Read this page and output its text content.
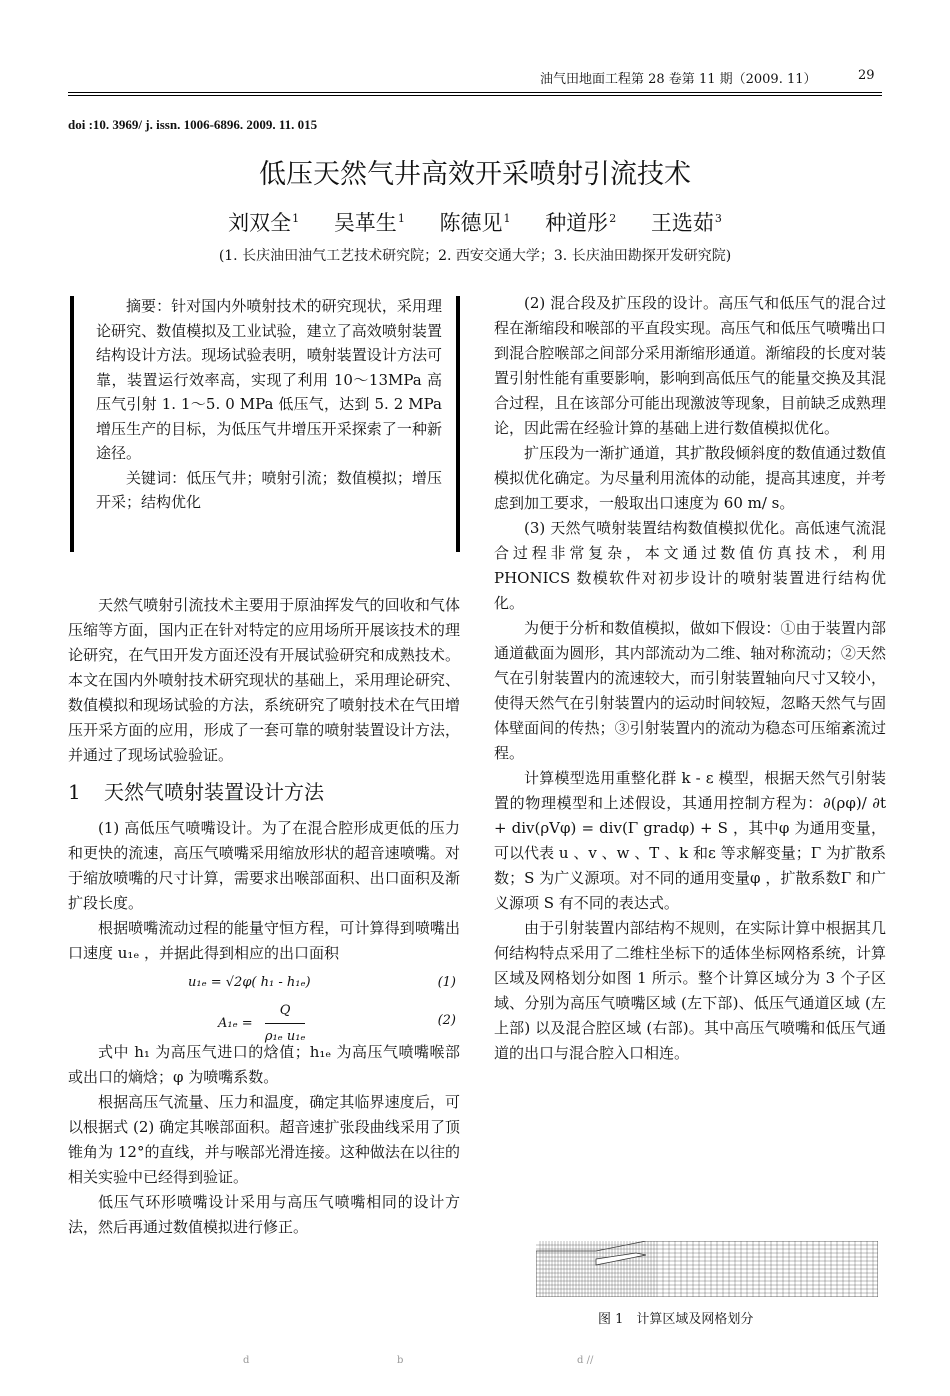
油气田地面工程第 28 卷第 11 期（2009. 11）	29
doi :10. 3969/ j. issn. 1006-6896. 2009. 11. 015
低压天然气井高效开采喷射引流技术
刘双全$^1$ 吴革生$^1$ 陈德见$^1$ 种道彤$^2$ 王选茹$^3$
(1. 长庆油田油气工艺技术研究院；2. 西安交通大学；3. 长庆油田勘探开发研究院)

摘要：针对国内外喷射技术的研究现状，采用理论研究、数值模拟及工业试验，建立了高效喷射装置结构设计方法。现场试验表明，喷射装置设计方法可靠，装置运行效率高，实现了利用 10～13MPa 高压气引射 1. 1～5. 0 MPa 低压气，达到 5. 2 MPa 增压生产的目标，为低压气井增压开采探索了一种新途径。

关键词：低压气井；喷射引流；数值模拟；增压开采；结构优化

天然气喷射引流技术主要用于原油挥发气的回收和气体压缩等方面，国内正在针对特定的应用场所开展该技术的理论研究，在气田开发方面还没有开展试验研究和成熟技术。本文在国内外喷射技术研究现状的基础上，采用理论研究、数值模拟和现场试验的方法，系统研究了喷射技术在气田增压开采方面的应用，形成了一套可靠的喷射装置设计方法，并通过了现场试验验证。

1 天然气喷射装置设计方法

(1) 高低压气喷嘴设计。为了在混合腔形成更低的压力和更快的流速，高压气喷嘴采用缩放形状的超音速喷嘴。对于缩放喷嘴的尺寸计算，需要求出喉部面积、出口面积及渐扩段长度。

根据喷嘴流动过程的能量守恒方程，可计算得到喷嘴出口速度 u₁ₑ ，并据此得到相应的出口面积

u₁ₑ = √2φ( h₁ - h₁ₑ)	(1)
$A_{1e} = \frac{Q}{\text{ρ₁ₑ u₁ₑ}}$	(2)

式中 h₁ 为高压气进口的焓值；h₁ₑ 为高压气喷嘴喉部或出口的熵焓；φ 为喷嘴系数。

根据高压气流量、压力和温度，确定其临界速度后，可以根据式 (2) 确定其喉部面积。超音速扩张段曲线采用了顶锥角为 12°的直线，并与喉部光滑连接。这种做法在以往的相关实验中已经得到验证。

低压气环形喷嘴设计采用与高压气喷嘴相同的设计方法，然后再通过数值模拟进行修正。

(2) 混合段及扩压段的设计。高压气和低压气的混合过程在渐缩段和喉部的平直段实现。高压气和低压气喷嘴出口到混合腔喉部之间部分采用渐缩形通道。渐缩段的长度对装置引射性能有重要影响，影响到高低压气的能量交换及其混合过程，且在该部分可能出现激波等现象，目前缺乏成熟理论，因此需在经验计算的基础上进行数值模拟优化。

扩压段为一渐扩通道，其扩散段倾斜度的数值通过数值模拟优化确定。为尽量利用流体的动能，提高其速度，并考虑到加工要求，一般取出口速度为 60 m/ s。

(3) 天然气喷射装置结构数值模拟优化。高低速气流混合过程非常复杂，本文通过数值仿真技术，利用 PHONICS 数模软件对初步设计的喷射装置进行结构优化。

为便于分析和数值模拟，做如下假设：①由于装置内部通道截面为圆形，其内部流动为二维、轴对称流动；②天然气在引射装置内的流速较大，而引射装置轴向尺寸又较小，使得天然气在引射装置内的运动时间较短，忽略天然气与固体壁面间的传热；③引射装置内的流动为稳态可压缩紊流过程。

计算模型选用重整化群 k - ε 模型，根据天然气引射装置的物理模型和上述假设，其通用控制方程为：∂(ρφ)/ ∂t + div(ρVφ) = div(Γ gradφ) + S ，其中φ 为通用变量，可以代表 u 、v 、w 、T 、k 和ε 等求解变量；Γ 为扩散系数；S 为广义源项。对不同的通用变量φ ，扩散系数Γ 和广义源项 S 有不同的表达式。

由于引射装置内部结构不规则，在实际计算中根据其几何结构特点采用了二维柱坐标下的适体坐标网格系统，计算区域及网格划分如图 1 所示。整个计算区域分为 3 个子区域、分别为高压气喷嘴区域 (左下部)、低压气通道区域 (左上部) 以及混合腔区域 (右部)。其中高压气喷嘴和低压气通道的出口与混合腔入口相连。

图 1　计算区域及网格划分
d	b	d //
